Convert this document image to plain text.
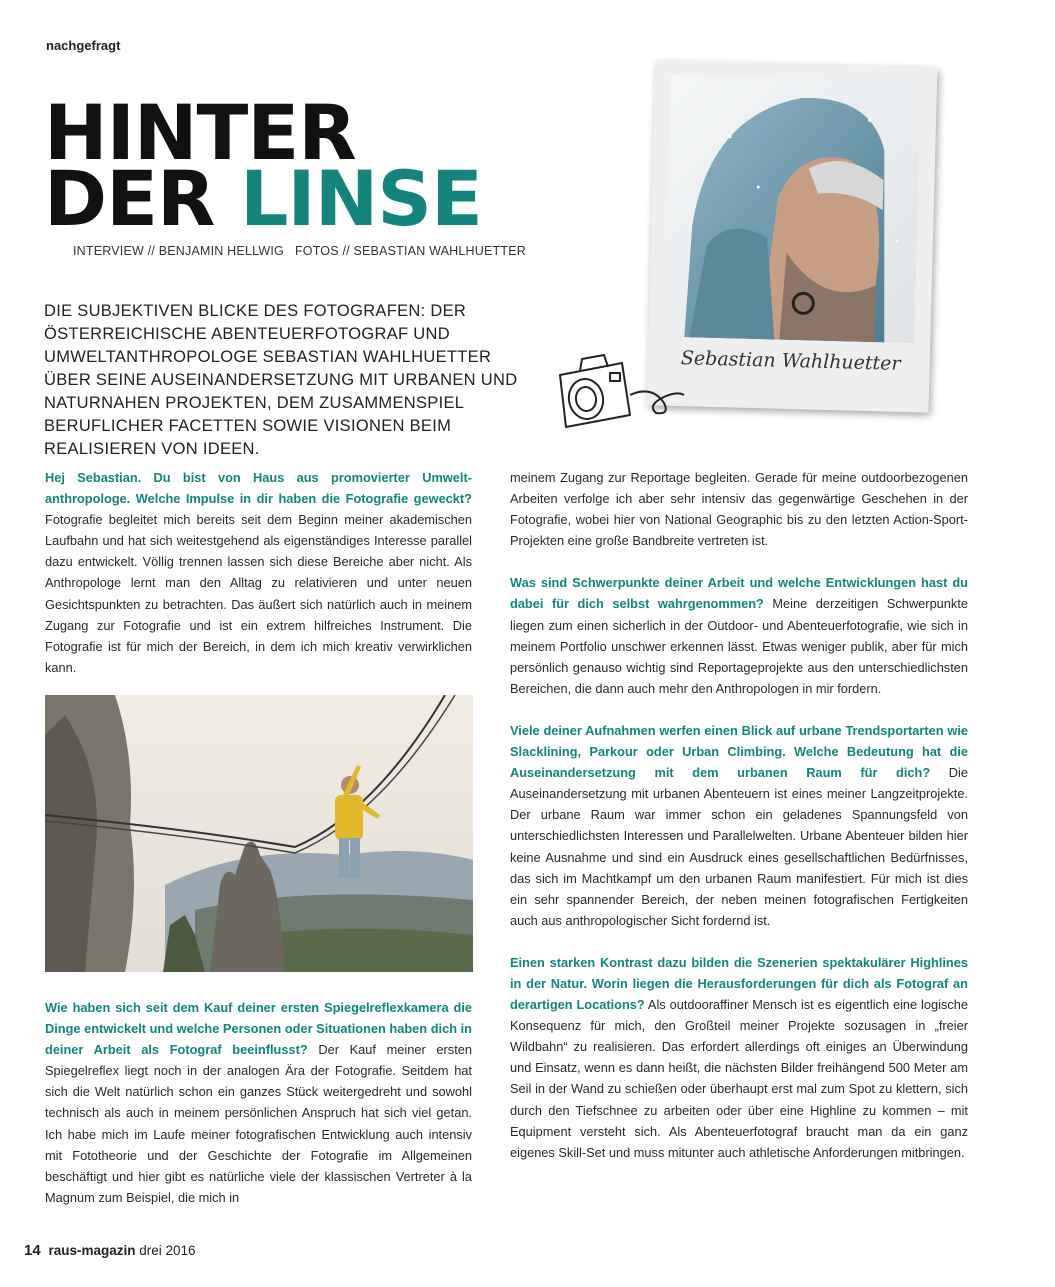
nachgefragt
HINTER
DER LINSE
INTERVIEW // BENJAMIN HELLWIG   FOTOS // SEBASTIAN WAHLHUETTER

DIE SUBJEKTIVEN BLICKE DES FOTOGRAFEN: DER ÖSTERREICHISCHE ABENTEUERFOTOGRAF UND UMWELTANTHROPOLOGE SEBASTIAN WAHLHUETTER ÜBER SEINE AUSEINANDERSETZUNG MIT URBANEN UND NATURNAHEN PROJEKTEN, DEM ZUSAMMENSPIEL BERUFLICHER FACETTEN SOWIE VISIONEN BEIM REALISIEREN VON IDEEN.

Sebastian Wahlhuetter

Hej Sebastian. Du bist von Haus aus promovierter Umwelt-anthropologe. Welche Impulse in dir haben die Fotografie geweckt? Fotografie begleitet mich bereits seit dem Beginn meiner akademischen Laufbahn und hat sich weitestgehend als eigenständiges Interesse parallel dazu entwickelt. Völlig trennen lassen sich diese Bereiche aber nicht. Als Anthropologe lernt man den Alltag zu relativieren und unter neuen Gesichtspunkten zu betrachten. Das äußert sich natürlich auch in meinem Zugang zur Fotografie und ist ein extrem hilfreiches Instrument. Die Fotografie ist für mich der Bereich, in dem ich mich kreativ verwirklichen kann.

Wie haben sich seit dem Kauf deiner ersten Spiegelreflexkamera die Dinge entwickelt und welche Personen oder Situationen haben dich in deiner Arbeit als Fotograf beeinflusst? Der Kauf meiner ersten Spiegelreflex liegt noch in der analogen Ära der Fotografie. Seitdem hat sich die Welt natürlich schon ein ganzes Stück weitergedreht und sowohl technisch als auch in meinem persönlichen Anspruch hat sich viel getan. Ich habe mich im Laufe meiner fotografischen Entwicklung auch intensiv mit Fototheorie und der Geschichte der Fotografie im Allgemeinen beschäftigt und hier gibt es natürliche viele der klassischen Vertreter à la Magnum zum Beispiel, die mich in

meinem Zugang zur Reportage begleiten. Gerade für meine outdoorbezogenen Arbeiten verfolge ich aber sehr intensiv das gegenwärtige Geschehen in der Fotografie, wobei hier von National Geographic bis zu den letzten Action-Sport-Projekten eine große Bandbreite vertreten ist.

Was sind Schwerpunkte deiner Arbeit und welche Entwicklungen hast du dabei für dich selbst wahrgenommen? Meine derzeitigen Schwerpunkte liegen zum einen sicherlich in der Outdoor- und Abenteuerfotografie, wie sich in meinem Portfolio unschwer erkennen lässt. Etwas weniger publik, aber für mich persönlich genauso wichtig sind Reportageprojekte aus den unterschiedlichsten Bereichen, die dann auch mehr den Anthropologen in mir fordern.

Viele deiner Aufnahmen werfen einen Blick auf urbane Trendsportarten wie Slacklining, Parkour oder Urban Climbing. Welche Bedeutung hat die Auseinandersetzung mit dem urbanen Raum für dich? Die Auseinandersetzung mit urbanen Abenteuern ist eines meiner Langzeitprojekte. Der urbane Raum war immer schon ein geladenes Spannungsfeld von unterschiedlichsten Interessen und Parallelwelten. Urbane Abenteuer bilden hier keine Ausnahme und sind ein Ausdruck eines gesellschaftlichen Bedürfnisses, das sich im Machtkampf um den urbanen Raum manifestiert. Für mich ist dies ein sehr spannender Bereich, der neben meinen fotografischen Fertigkeiten auch aus anthropologischer Sicht fordernd ist.

Einen starken Kontrast dazu bilden die Szenerien spektakulärer Highlines in der Natur. Worin liegen die Herausforderungen für dich als Fotograf an derartigen Locations? Als outdooraffiner Mensch ist es eigentlich eine logische Konsequenz für mich, den Großteil meiner Projekte sozusagen in „freier Wildbahn“ zu realisieren. Das erfordert allerdings oft einiges an Überwindung und Einsatz, wenn es dann heißt, die nächsten Bilder freihängend 500 Meter am Seil in der Wand zu schießen oder überhaupt erst mal zum Spot zu klettern, sich durch den Tiefschnee zu arbeiten oder über eine Highline zu kommen – mit Equipment versteht sich. Als Abenteuerfotograf braucht man da ein ganz eigenes Skill-Set und muss mitunter auch athletische Anforderungen mitbringen.

14 raus-magazin drei 2016
